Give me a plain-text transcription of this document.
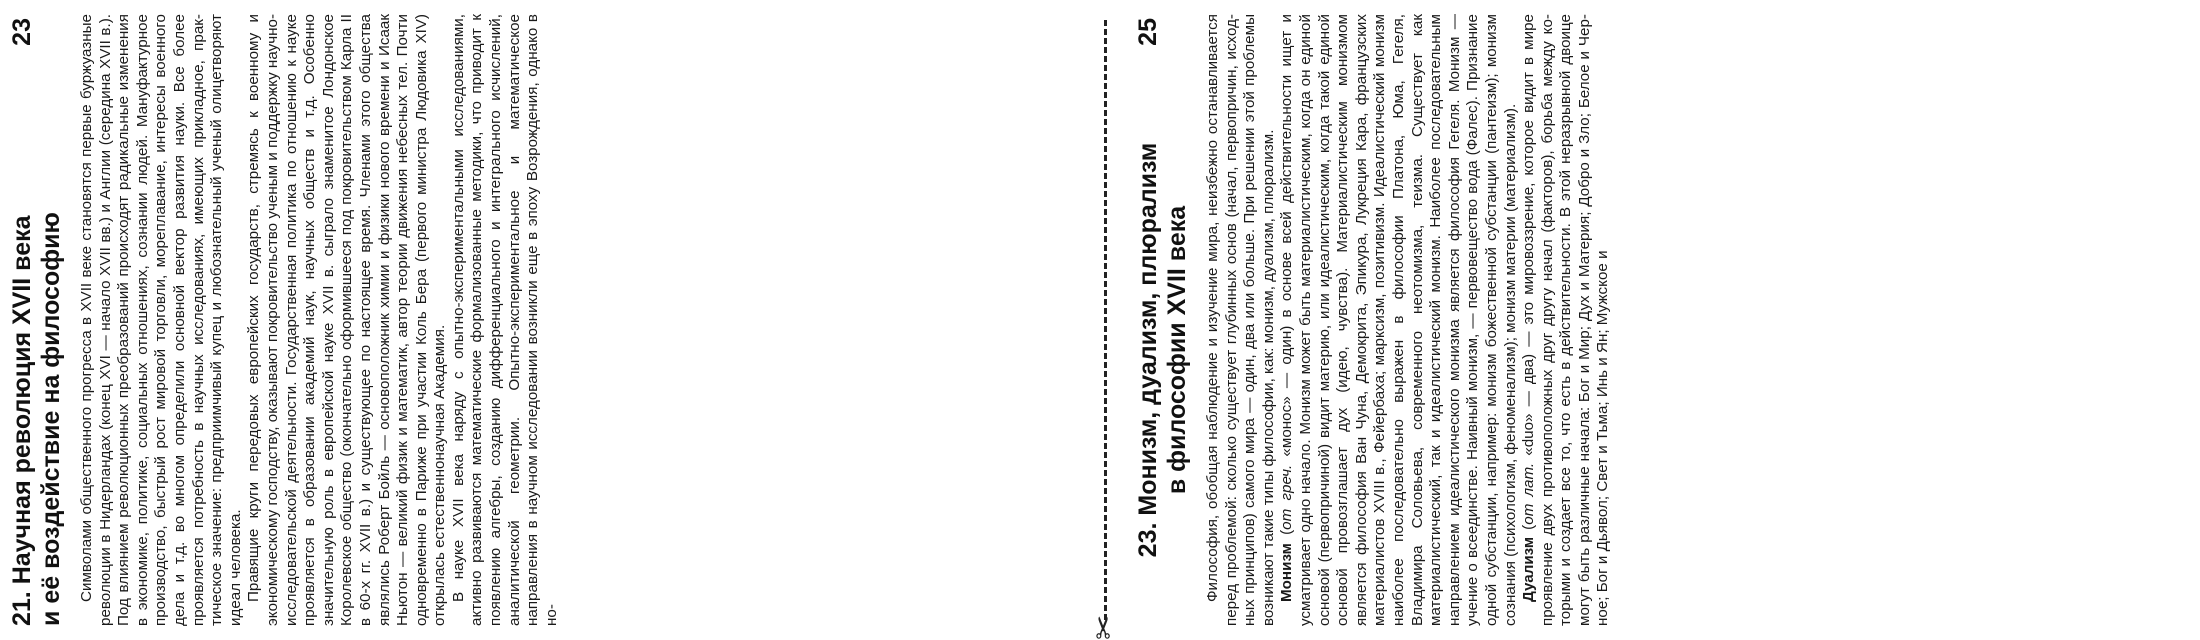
21. Научная революция XVII века
и её воздействие на философию
23	Символами общественного прогресса в XVII веке становятся первые буржуазные революции в Нидерландах (конец XVI — начало XVII вв.) и Англии (середина XVII в.). Под влиянием революционных преобразований происходят радикальные изменения в экономике, политике, социальных отношениях, сознании людей. Мануфактурное производство, быстрый рост мировой торговли, мореплавание, интересы военного дела и т.д. во многом определили основной вектор развития науки. Все более проявляется потребность в научных исследованиях, имеющих прикладное, практическое значение: предприимчивый купец и любознательный ученый олицетворяют идеал человека. Правящие круги передовых европейских государств, стремясь к военному и экономическому господству, оказывают покровительство ученым и поддержку научно-исследовательской деятельности. Государственная политика по отношению к науке проявляется в образовании академий наук, научных обществ и т.д. Особенно значительную роль в европейской науке XVII в. сыграло знаменитое Лондонское Королевское общество (окончательно оформившееся под покровительством Карла II в 60-х гг. XVII в.) и существующее по настоящее время. Членами этого общества являлись Роберт Бойль — основоположник химии и физики нового времени и Исаак Ньютон — великий физик и математик, автор теории движения небесных тел. Почти одновременно в Париже при участии Коль Бера (первого министра Людовика XIV) открылась естественнонаучная Академия. В науке XVII века наряду с опытно-экспериментальными исследованиями, активно развиваются математические формализованные методики, что приводит к появлению алгебры, созданию дифференциального и интегрального исчислений, аналитической геометрии. Опытно-экспериментальное и математическое направления в научном исследовании возникли еще в эпоху Возрождения, однако в но-	✂
23. Монизм, дуализм, плюрализм
в философии XVII века
25	Философия, обобщая наблюдение и изучение мира, неизбежно останавливается перед проблемой: сколько существует глубинных основ (начал, первопричин, исходных принципов) самого мира — один, два или больше. При решении этой проблемы возникают такие типы философии, как: монизм, дуализм, плюрализм. Монизм (от греч. «монос» — один) в основе всей действительности ищет и усматривает одно начало. Монизм может быть материалистическим, когда он единой основой (первопричиной) видит материю, или идеалистическим, когда такой единой основой провозглашает дух (идею, чувства). Материалистическим монизмом является философия Ван Чуна, Демокрита, Эпикура, Лукреция Кара, французских материалистов XVIII в., Фейербаха; марксизм, позитивизм. Идеалистический монизм наиболее последовательно выражен в философии Платона, Юма, Гегеля, Владимира Соловьева, современного неотомизма, теизма. Существует как материалистический, так и идеалистический монизм. Наиболее последовательным направлением идеалистического монизма является философия Гегеля. Монизм — учение о всеединстве. Наивный монизм, — первовещество вода (Фалес). Признание одной субстанции, например: монизм божественной субстанции (пантеизм); монизм сознания (психологизм, феноменализм); монизм материи (материализм). Дуализм (от лат. «duo» — два) — это мировоззрение, которое видит в мире проявление двух противоположных друг другу начал (факторов), борьба между которыми и создает все то, что есть в действительности. В этой неразрывной двоице могут быть различные начала: Бог и Мир; Дух и Материя; Добро и Зло; Белое и Черное; Бог и Дьявол; Свет и Тьма; Инь и Ян; Мужское и
